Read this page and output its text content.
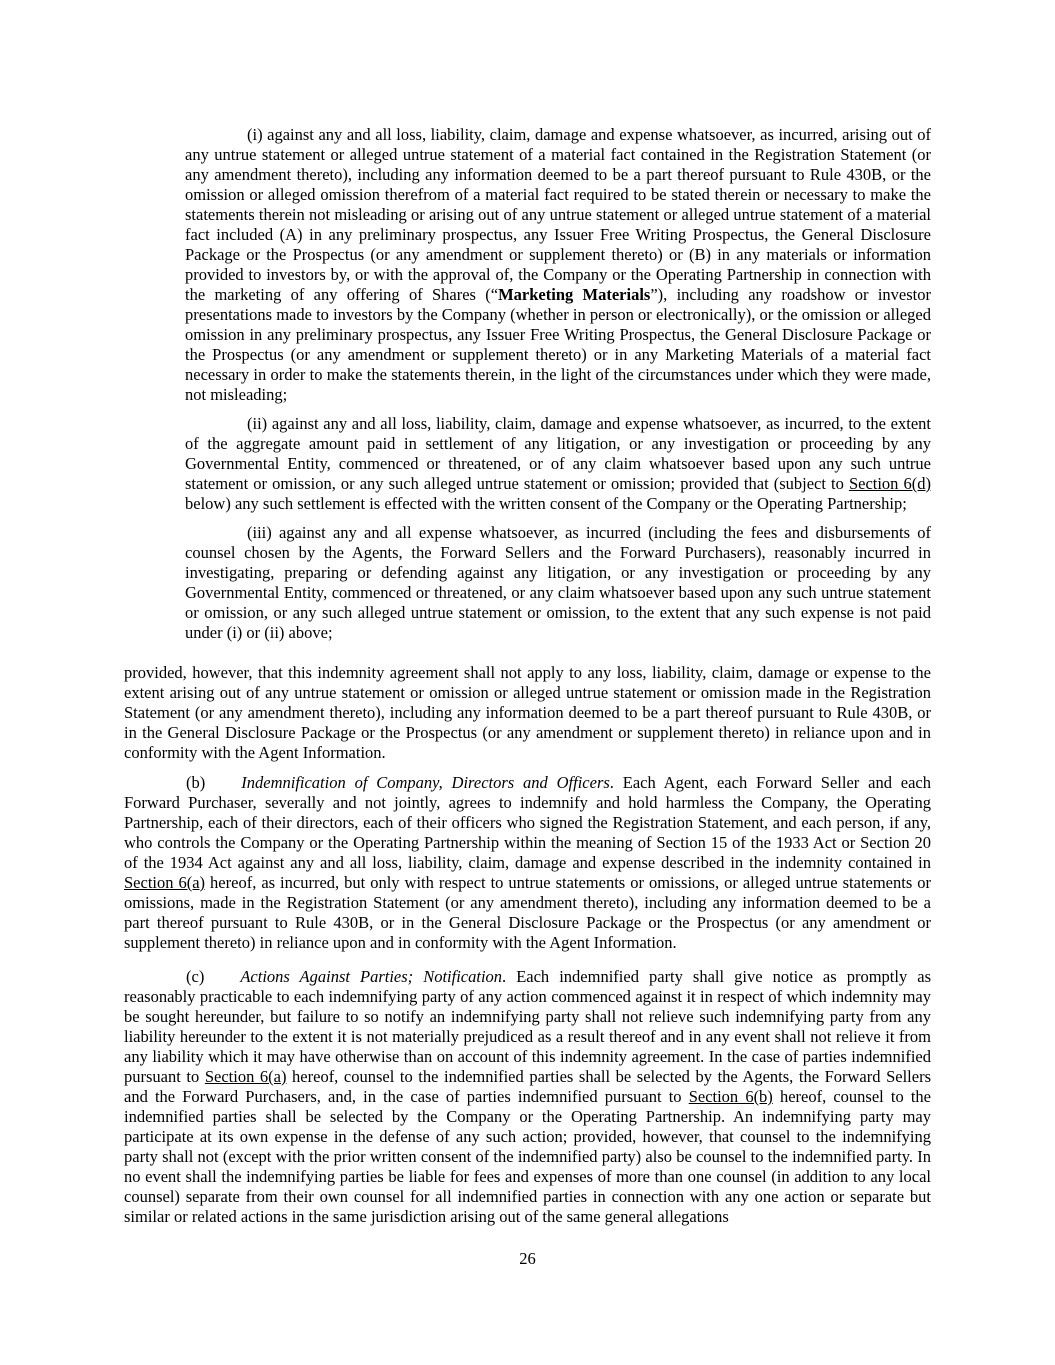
(i) against any and all loss, liability, claim, damage and expense whatsoever, as incurred, arising out of any untrue statement or alleged untrue statement of a material fact contained in the Registration Statement (or any amendment thereto), including any information deemed to be a part thereof pursuant to Rule 430B, or the omission or alleged omission therefrom of a material fact required to be stated therein or necessary to make the statements therein not misleading or arising out of any untrue statement or alleged untrue statement of a material fact included (A) in any preliminary prospectus, any Issuer Free Writing Prospectus, the General Disclosure Package or the Prospectus (or any amendment or supplement thereto) or (B) in any materials or information provided to investors by, or with the approval of, the Company or the Operating Partnership in connection with the marketing of any offering of Shares (“Marketing Materials”), including any roadshow or investor presentations made to investors by the Company (whether in person or electronically), or the omission or alleged omission in any preliminary prospectus, any Issuer Free Writing Prospectus, the General Disclosure Package or the Prospectus (or any amendment or supplement thereto) or in any Marketing Materials of a material fact necessary in order to make the statements therein, in the light of the circumstances under which they were made, not misleading;

(ii) against any and all loss, liability, claim, damage and expense whatsoever, as incurred, to the extent of the aggregate amount paid in settlement of any litigation, or any investigation or proceeding by any Governmental Entity, commenced or threatened, or of any claim whatsoever based upon any such untrue statement or omission, or any such alleged untrue statement or omission; provided that (subject to Section 6(d) below) any such settlement is effected with the written consent of the Company or the Operating Partnership;

(iii) against any and all expense whatsoever, as incurred (including the fees and disbursements of counsel chosen by the Agents, the Forward Sellers and the Forward Purchasers), reasonably incurred in investigating, preparing or defending against any litigation, or any investigation or proceeding by any Governmental Entity, commenced or threatened, or any claim whatsoever based upon any such untrue statement or omission, or any such alleged untrue statement or omission, to the extent that any such expense is not paid under (i) or (ii) above;

provided, however, that this indemnity agreement shall not apply to any loss, liability, claim, damage or expense to the extent arising out of any untrue statement or omission or alleged untrue statement or omission made in the Registration Statement (or any amendment thereto), including any information deemed to be a part thereof pursuant to Rule 430B, or in the General Disclosure Package or the Prospectus (or any amendment or supplement thereto) in reliance upon and in conformity with the Agent Information.

(b) Indemnification of Company, Directors and Officers. Each Agent, each Forward Seller and each Forward Purchaser, severally and not jointly, agrees to indemnify and hold harmless the Company, the Operating Partnership, each of their directors, each of their officers who signed the Registration Statement, and each person, if any, who controls the Company or the Operating Partnership within the meaning of Section 15 of the 1933 Act or Section 20 of the 1934 Act against any and all loss, liability, claim, damage and expense described in the indemnity contained in Section 6(a) hereof, as incurred, but only with respect to untrue statements or omissions, or alleged untrue statements or omissions, made in the Registration Statement (or any amendment thereto), including any information deemed to be a part thereof pursuant to Rule 430B, or in the General Disclosure Package or the Prospectus (or any amendment or supplement thereto) in reliance upon and in conformity with the Agent Information.

(c) Actions Against Parties; Notification. Each indemnified party shall give notice as promptly as reasonably practicable to each indemnifying party of any action commenced against it in respect of which indemnity may be sought hereunder, but failure to so notify an indemnifying party shall not relieve such indemnifying party from any liability hereunder to the extent it is not materially prejudiced as a result thereof and in any event shall not relieve it from any liability which it may have otherwise than on account of this indemnity agreement. In the case of parties indemnified pursuant to Section 6(a) hereof, counsel to the indemnified parties shall be selected by the Agents, the Forward Sellers and the Forward Purchasers, and, in the case of parties indemnified pursuant to Section 6(b) hereof, counsel to the indemnified parties shall be selected by the Company or the Operating Partnership. An indemnifying party may participate at its own expense in the defense of any such action; provided, however, that counsel to the indemnifying party shall not (except with the prior written consent of the indemnified party) also be counsel to the indemnified party. In no event shall the indemnifying parties be liable for fees and expenses of more than one counsel (in addition to any local counsel) separate from their own counsel for all indemnified parties in connection with any one action or separate but similar or related actions in the same jurisdiction arising out of the same general allegations

26
